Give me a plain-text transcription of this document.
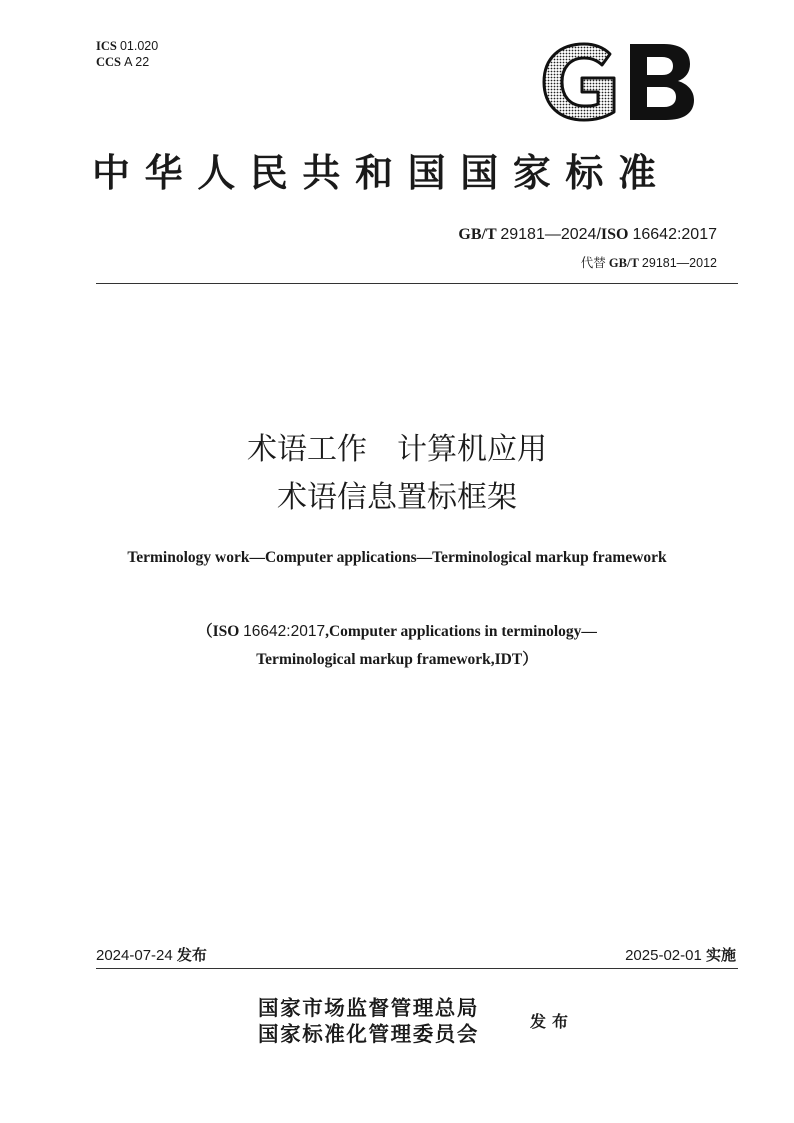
ICS 01.020
CCS A 22
中华人民共和国国家标准
GB/T 29181—2024/ISO 16642:2017
代替 GB/T 29181—2012
术语工作　计算机应用
术语信息置标框架
Terminology work—Computer applications—Terminological markup framework
（ISO 16642:2017,Computer applications in terminology—
Terminological markup framework,IDT）
2024-07-24 发布	2025-02-01 实施
国家市场监督管理总局
国家标准化管理委员会
发布
